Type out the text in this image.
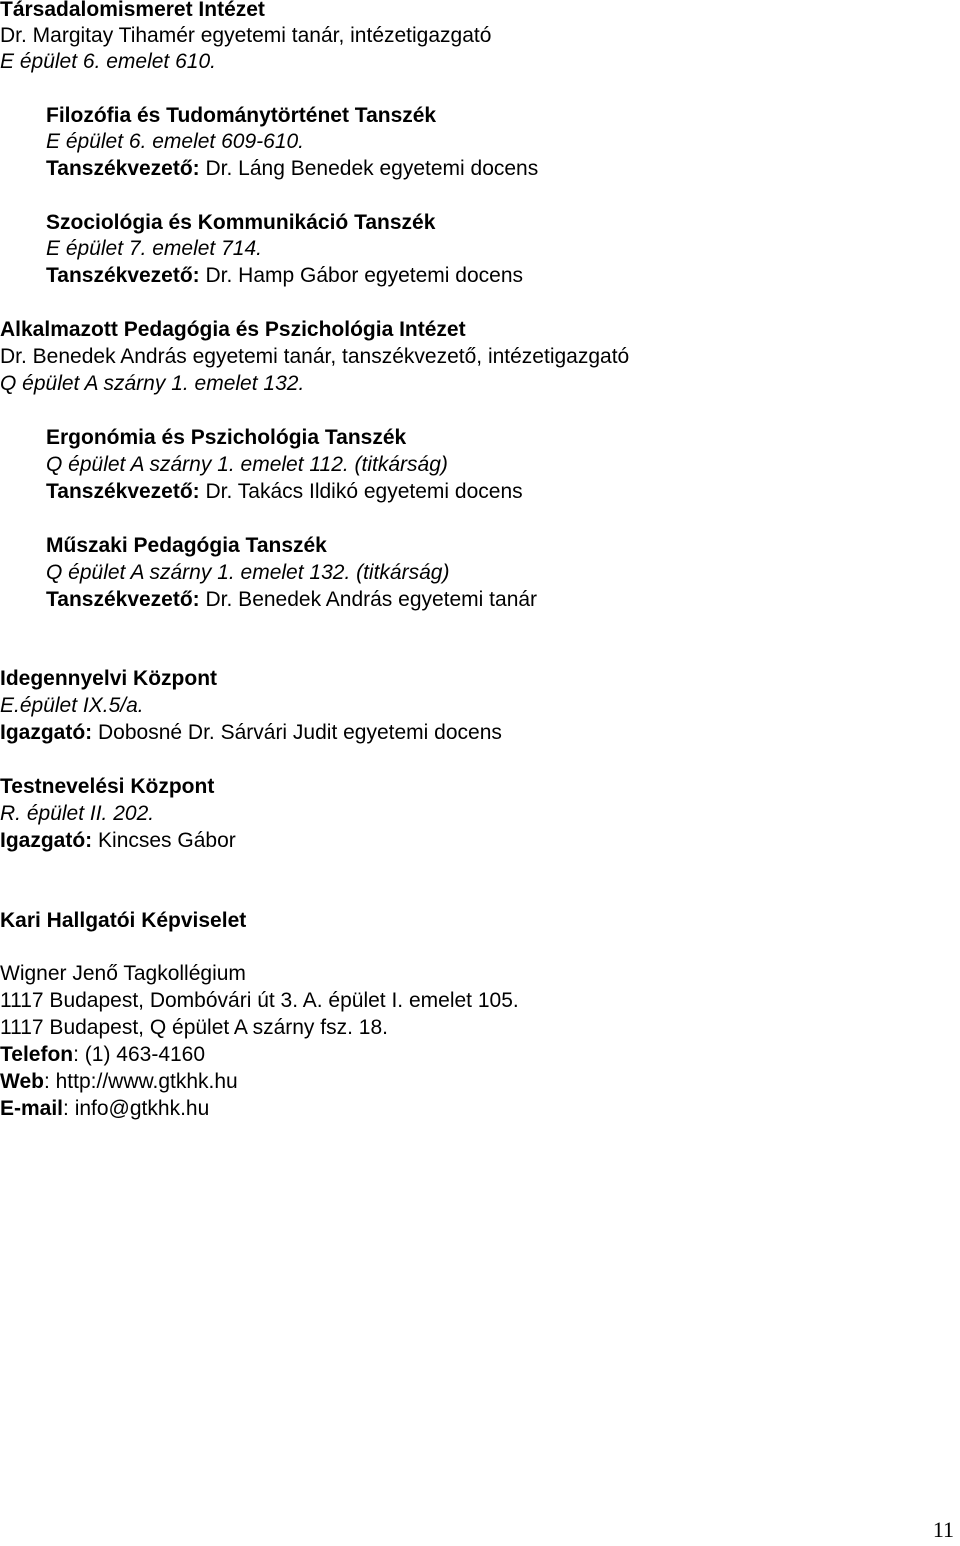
Társadalomismeret Intézet
Dr. Margitay Tihamér egyetemi tanár, intézetigazgató
E épület 6. emelet 610.
Filozófia és Tudománytörténet Tanszék
E épület 6. emelet 609-610.
Tanszékvezető: Dr. Láng Benedek egyetemi docens
Szociológia és Kommunikáció Tanszék
E épület 7. emelet 714.
Tanszékvezető: Dr. Hamp Gábor egyetemi docens
Alkalmazott Pedagógia és Pszichológia Intézet
Dr. Benedek András egyetemi tanár, tanszékvezető, intézetigazgató
Q épület A szárny 1. emelet 132.
Ergonómia és Pszichológia Tanszék
Q épület A szárny 1. emelet 112. (titkárság)
Tanszékvezető: Dr. Takács Ildikó egyetemi docens
Műszaki Pedagógia Tanszék
Q épület A szárny 1. emelet 132. (titkárság)
Tanszékvezető: Dr. Benedek András egyetemi tanár
Idegennyelvi Központ
E.épület IX.5/a.
Igazgató: Dobosné Dr. Sárvári Judit egyetemi docens
Testnevelési Központ
R. épület II. 202.
Igazgató: Kincses Gábor
Kari Hallgatói Képviselet
Wigner Jenő Tagkollégium
1117 Budapest, Dombóvári út 3. A. épület I. emelet 105.
1117 Budapest, Q épület A szárny fsz. 18.
Telefon: (1) 463-4160
Web: http://www.gtkhk.hu
E-mail: info@gtkhk.hu
11
